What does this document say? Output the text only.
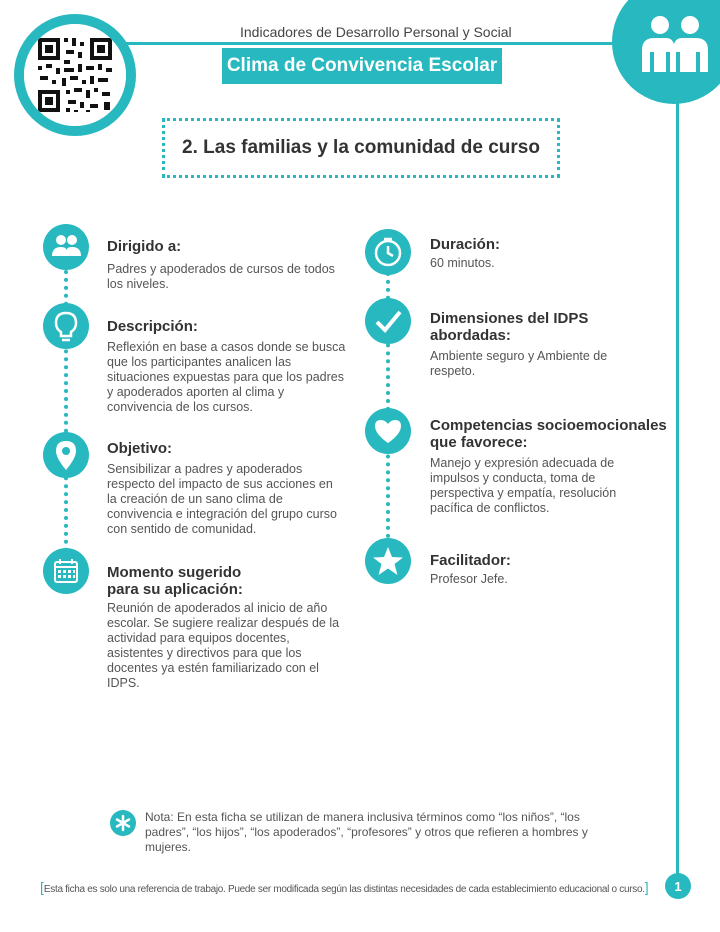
Indicadores de Desarrollo Personal y Social
Clima de Convivencia Escolar
2. Las familias y la comunidad de curso
Dirigido a:
Padres y apoderados de cursos de todos los niveles.
Descripción:
Reflexión en base a casos donde se busca que los participantes analicen las situaciones expuestas para que los padres y apoderados aporten al clima y convivencia de los cursos.
Objetivo:
Sensibilizar a padres y apoderados respecto del impacto de sus acciones en la creación de un sano clima de convivencia e integración del grupo curso con sentido de comunidad.
Momento sugerido
para su aplicación:
Reunión de apoderados al inicio de año escolar. Se sugiere realizar después de la actividad para equipos docentes, asistentes y directivos para que los docentes ya estén familiarizado con el IDPS.
Duración:
60 minutos.
Dimensiones del IDPS
abordadas:
Ambiente seguro y Ambiente de respeto.
Competencias socioemocionales
que favorece:
Manejo y expresión adecuada de impulsos y conducta, toma de perspectiva y empatía, resolución pacífica de conflictos.
Facilitador:
Profesor Jefe.
Nota: En esta ficha se utilizan de manera inclusiva términos como “los niños”, “los padres”, “los hijos”, “los apoderados”, “profesores” y otros que refieren a hombres y mujeres.
[Esta ficha es solo una referencia de trabajo. Puede ser modificada según las distintas necesidades de cada establecimiento educacional o curso.]	1
